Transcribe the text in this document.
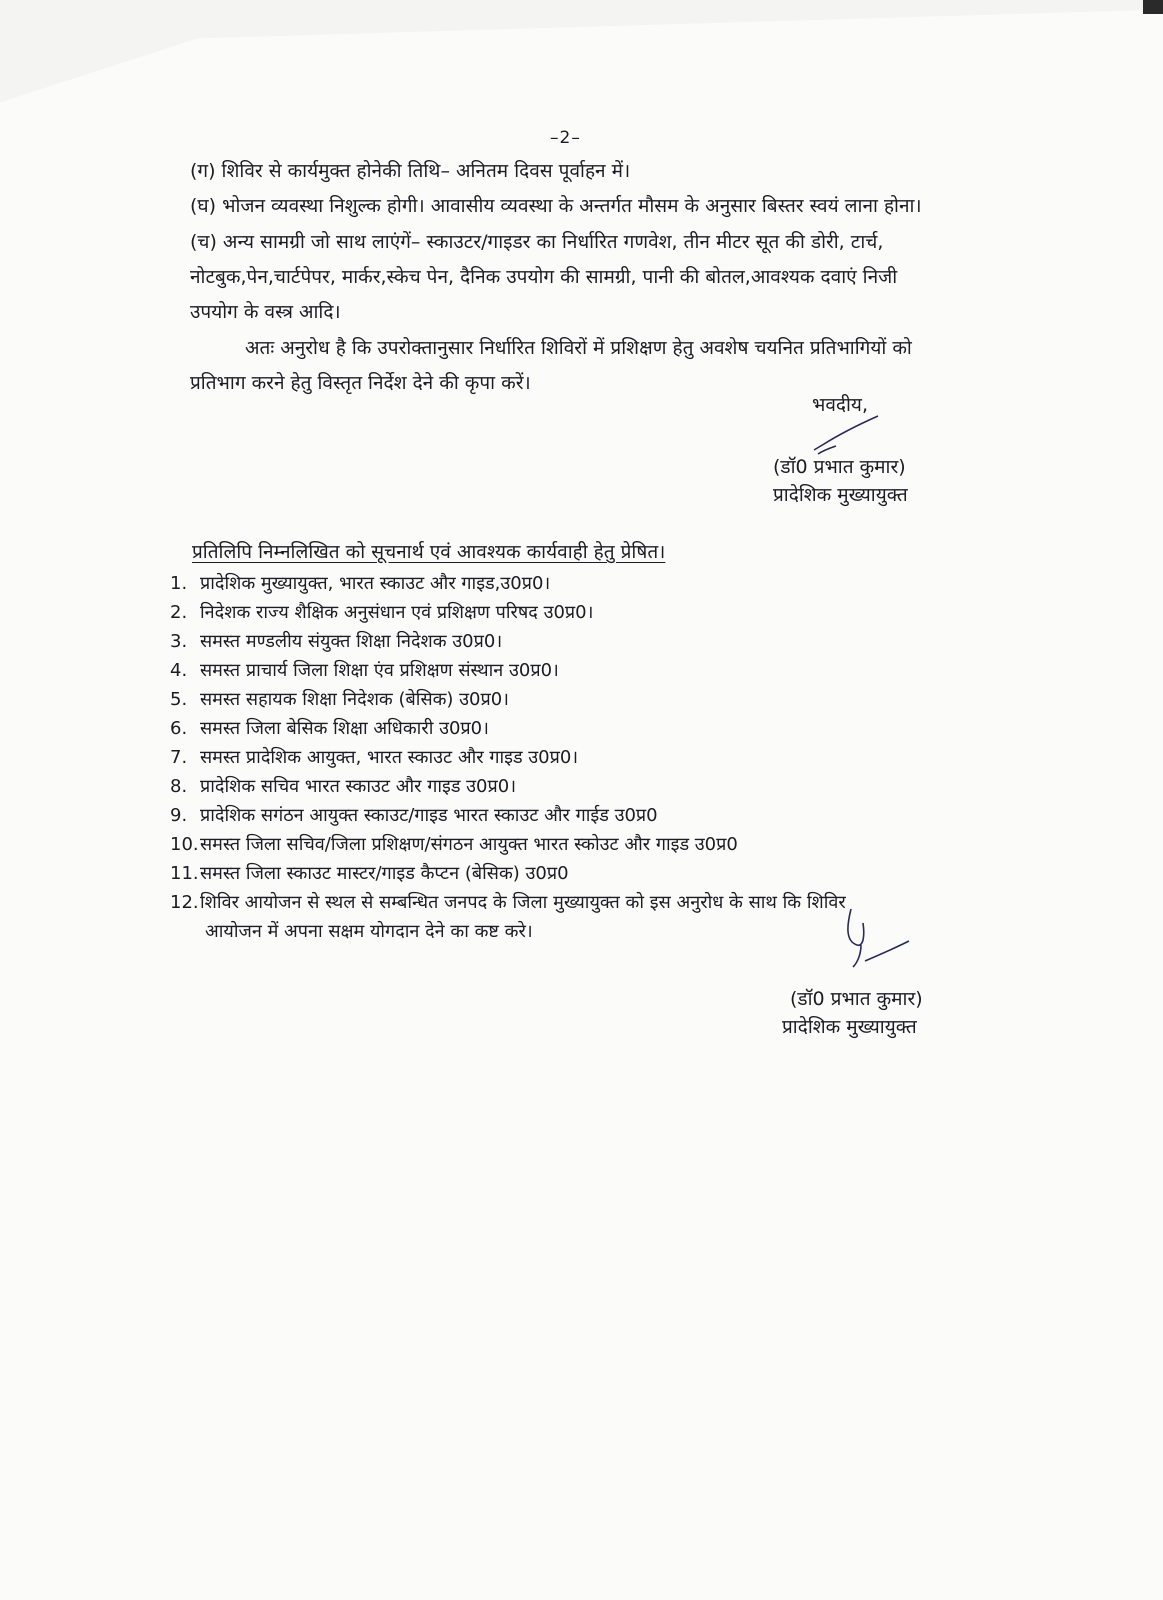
–2–
(ग) शिविर से कार्यमुक्त होनेकी तिथि– अनितम दिवस पूर्वाहन में।
(घ) भोजन व्यवस्था निशुल्क होगी। आवासीय व्यवस्था के अन्तर्गत मौसम के अनुसार बिस्तर स्वयं लाना होना।
(च) अन्य सामग्री जो साथ लाएंगें– स्काउटर/गाइडर का निर्धारित गणवेश, तीन मीटर सूत की डोरी, टार्च,
नोटबुक,पेन,चार्टपेपर, मार्कर,स्केच पेन, दैनिक उपयोग की सामग्री, पानी की बोतल,आवश्यक दवाएं निजी
उपयोग के वस्त्र आदि।
अतः अनुरोध है कि उपरोक्तानुसार निर्धारित शिविरों में प्रशिक्षण हेतु अवशेष चयनित प्रतिभागियों को
प्रतिभाग करने हेतु विस्तृत निर्देश देने की कृपा करें।
भवदीय,
(डॉ0 प्रभात कुमार)
प्रादेशिक मुख्यायुक्त
प्रतिलिपि निम्नलिखित को सूचनार्थ एवं आवश्यक कार्यवाही हेतु प्रेषित।
1. प्रादेशिक मुख्यायुक्त, भारत स्काउट और गाइड,उ0प्र0।
2. निदेशक राज्य शैक्षिक अनुसंधान एवं प्रशिक्षण परिषद उ0प्र0।
3. समस्त मण्डलीय संयुक्त शिक्षा निदेशक उ0प्र0।
4. समस्त प्राचार्य जिला शिक्षा एंव प्रशिक्षण संस्थान उ0प्र0।
5. समस्त सहायक शिक्षा निदेशक (बेसिक) उ0प्र0।
6. समस्त जिला बेसिक शिक्षा अधिकारी उ0प्र0।
7. समस्त प्रादेशिक आयुक्त, भारत स्काउट और गाइड उ0प्र0।
8. प्रादेशिक सचिव भारत स्काउट और गाइड उ0प्र0।
9. प्रादेशिक सगंठन आयुक्त स्काउट/गाइड भारत स्काउट और गाईड उ0प्र0
10.समस्त जिला सचिव/जिला प्रशिक्षण/संगठन आयुक्त भारत स्कोउट और गाइड उ0प्र0
11.समस्त जिला स्काउट मास्टर/गाइड कैप्टन (बेसिक) उ0प्र0
12.शिविर आयोजन से स्थल से सम्बन्धित जनपद के जिला मुख्यायुक्त को इस अनुरोध के साथ कि शिविर
आयोजन में अपना सक्षम योगदान देने का कष्ट करे।
(डॉ0 प्रभात कुमार)
प्रादेशिक मुख्यायुक्त
